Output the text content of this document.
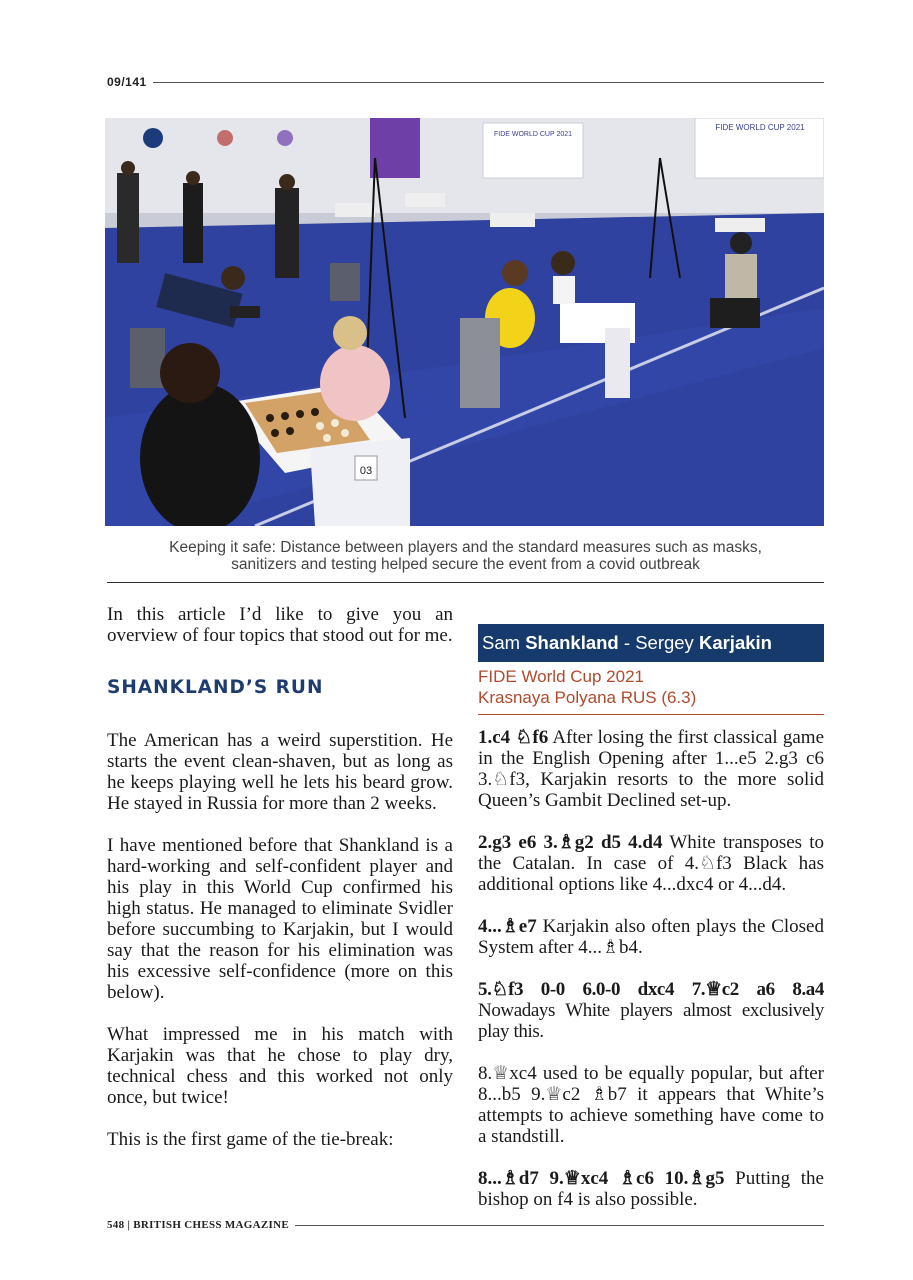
09/141
FIDE WORLD CUP 2021
FIDE WORLD CUP 2021
03
Keeping it safe: Distance between players and the standard measures such as masks,
sanitizers and testing helped secure the event from a covid outbreak

In this article I’d like to give you an overview of four topics that stood out for me.

SHANKLAND’S RUN

The American has a weird superstition. He starts the event clean-shaven, but as long as he keeps playing well he lets his beard grow. He stayed in Russia for more than 2 weeks.

I have mentioned before that Shankland is a hard-working and self-confident player and his play in this World Cup confirmed his high status. He managed to eliminate Svidler before succumbing to Karjakin, but I would say that the reason for his elimination was his excessive self-confidence (more on this below).

What impressed me in his match with Karjakin was that he chose to play dry, technical chess and this worked not only once, but twice!

This is the first game of the tie-break:

Sam Shankland - Sergey Karjakin
FIDE World Cup 2021
Krasnaya Polyana RUS (6.3)

1.c4 ♘f6 After losing the first classical game in the English Opening after 1...e5 2.g3 c6 3.♘f3, Karjakin resorts to the more solid Queen’s Gambit Declined set-up.

2.g3 e6 3.♗g2 d5 4.d4 White transposes to the Catalan. In case of 4.♘f3 Black has additional options like 4...dxc4 or 4...d4.

4...♗e7 Karjakin also often plays the Closed System after 4...♗b4.

5.♘f3 0-0 6.0-0 dxc4 7.♕c2 a6 8.a4 Nowadays White players almost exclusively play this.

8.♕xc4 used to be equally popular, but after 8...b5 9.♕c2 ♗b7 it appears that White’s attempts to achieve something have come to a standstill.

8...♗d7 9.♕xc4 ♗c6 10.♗g5 Putting the bishop on f4 is also possible.

548 | BRITISH CHESS MAGAZINE
